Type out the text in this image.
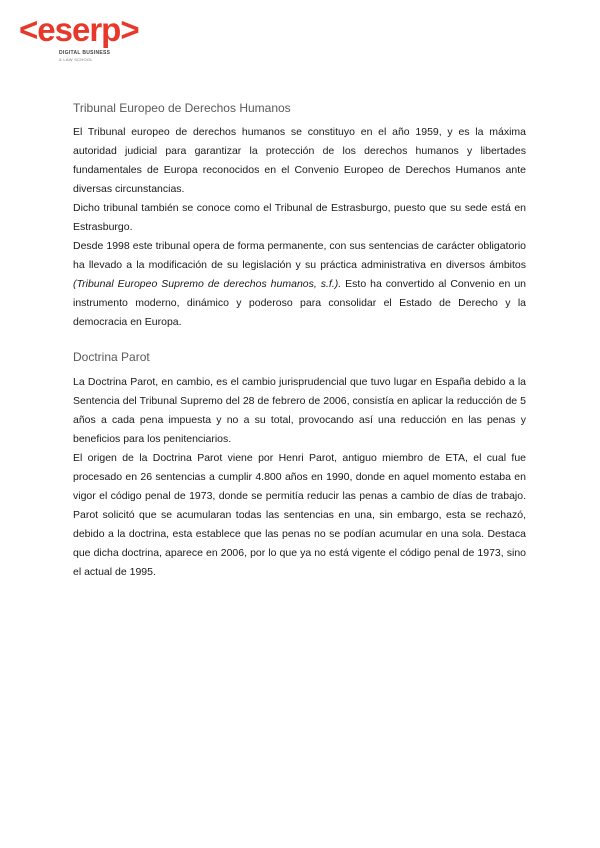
<eserp>
DIGITAL BUSINESS
& LAW SCHOOL
Tribunal Europeo de Derechos Humanos

El Tribunal europeo de derechos humanos se constituyo en el año 1959, y es la máxima autoridad judicial para garantizar la protección de los derechos humanos y libertades fundamentales de Europa reconocidos en el Convenio Europeo de Derechos Humanos ante diversas circunstancias.

Dicho tribunal también se conoce como el Tribunal de Estrasburgo, puesto que su sede está en Estrasburgo.

Desde 1998 este tribunal opera de forma permanente, con sus sentencias de carácter obligatorio ha llevado a la modificación de su legislación y su práctica administrativa en diversos ámbitos (Tribunal Europeo Supremo de derechos humanos, s.f.). Esto ha convertido al Convenio en un instrumento moderno, dinámico y poderoso para consolidar el Estado de Derecho y la democracia en Europa.

Doctrina Parot

La Doctrina Parot, en cambio, es el cambio jurisprudencial que tuvo lugar en España debido a la Sentencia del Tribunal Supremo del 28 de febrero de 2006, consistía en aplicar la reducción de 5 años a cada pena impuesta y no a su total, provocando así una reducción en las penas y beneficios para los penitenciarios.

El origen de la Doctrina Parot viene por Henri Parot, antiguo miembro de ETA, el cual fue procesado en 26 sentencias a cumplir 4.800 años en 1990, donde en aquel momento estaba en vigor el código penal de 1973, donde se permitía reducir las penas a cambio de días de trabajo. Parot solicitó que se acumularan todas las sentencias en una, sin embargo, esta se rechazó, debido a la doctrina, esta establece que las penas no se podían acumular en una sola. Destaca que dicha doctrina, aparece en 2006, por lo que ya no está vigente el código penal de 1973, sino el actual de 1995.
